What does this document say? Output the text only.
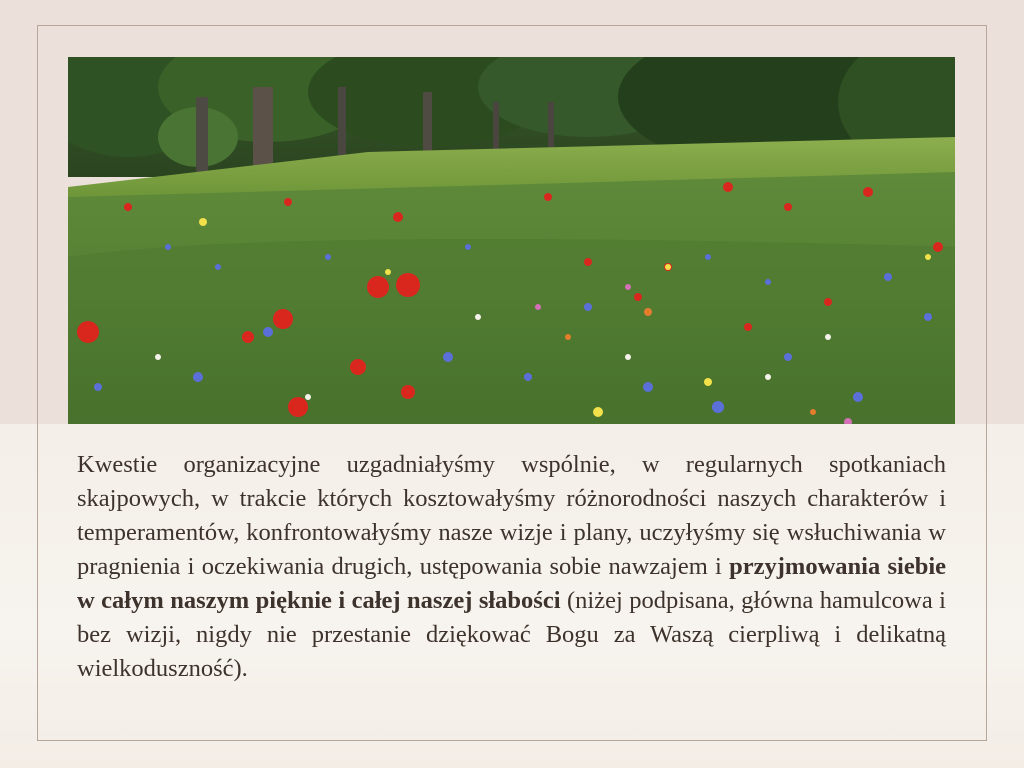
Kwestie organizacyjne uzgadniałyśmy wspólnie, w regularnych spotkaniach skajpowych, w trakcie których kosztowałyśmy różnorodności naszych charakterów i temperamentów, konfrontowałyśmy nasze wizje i plany, uczyłyśmy się wsłuchiwania w pragnienia i oczekiwania drugich, ustępowania sobie nawzajem i przyjmowania siebie w całym naszym pięknie i całej naszej słabości (niżej podpisana, główna hamulcowa i bez wizji, nigdy nie przestanie dziękować Bogu za Waszą cierpliwą i delikatną wielkoduszność).
